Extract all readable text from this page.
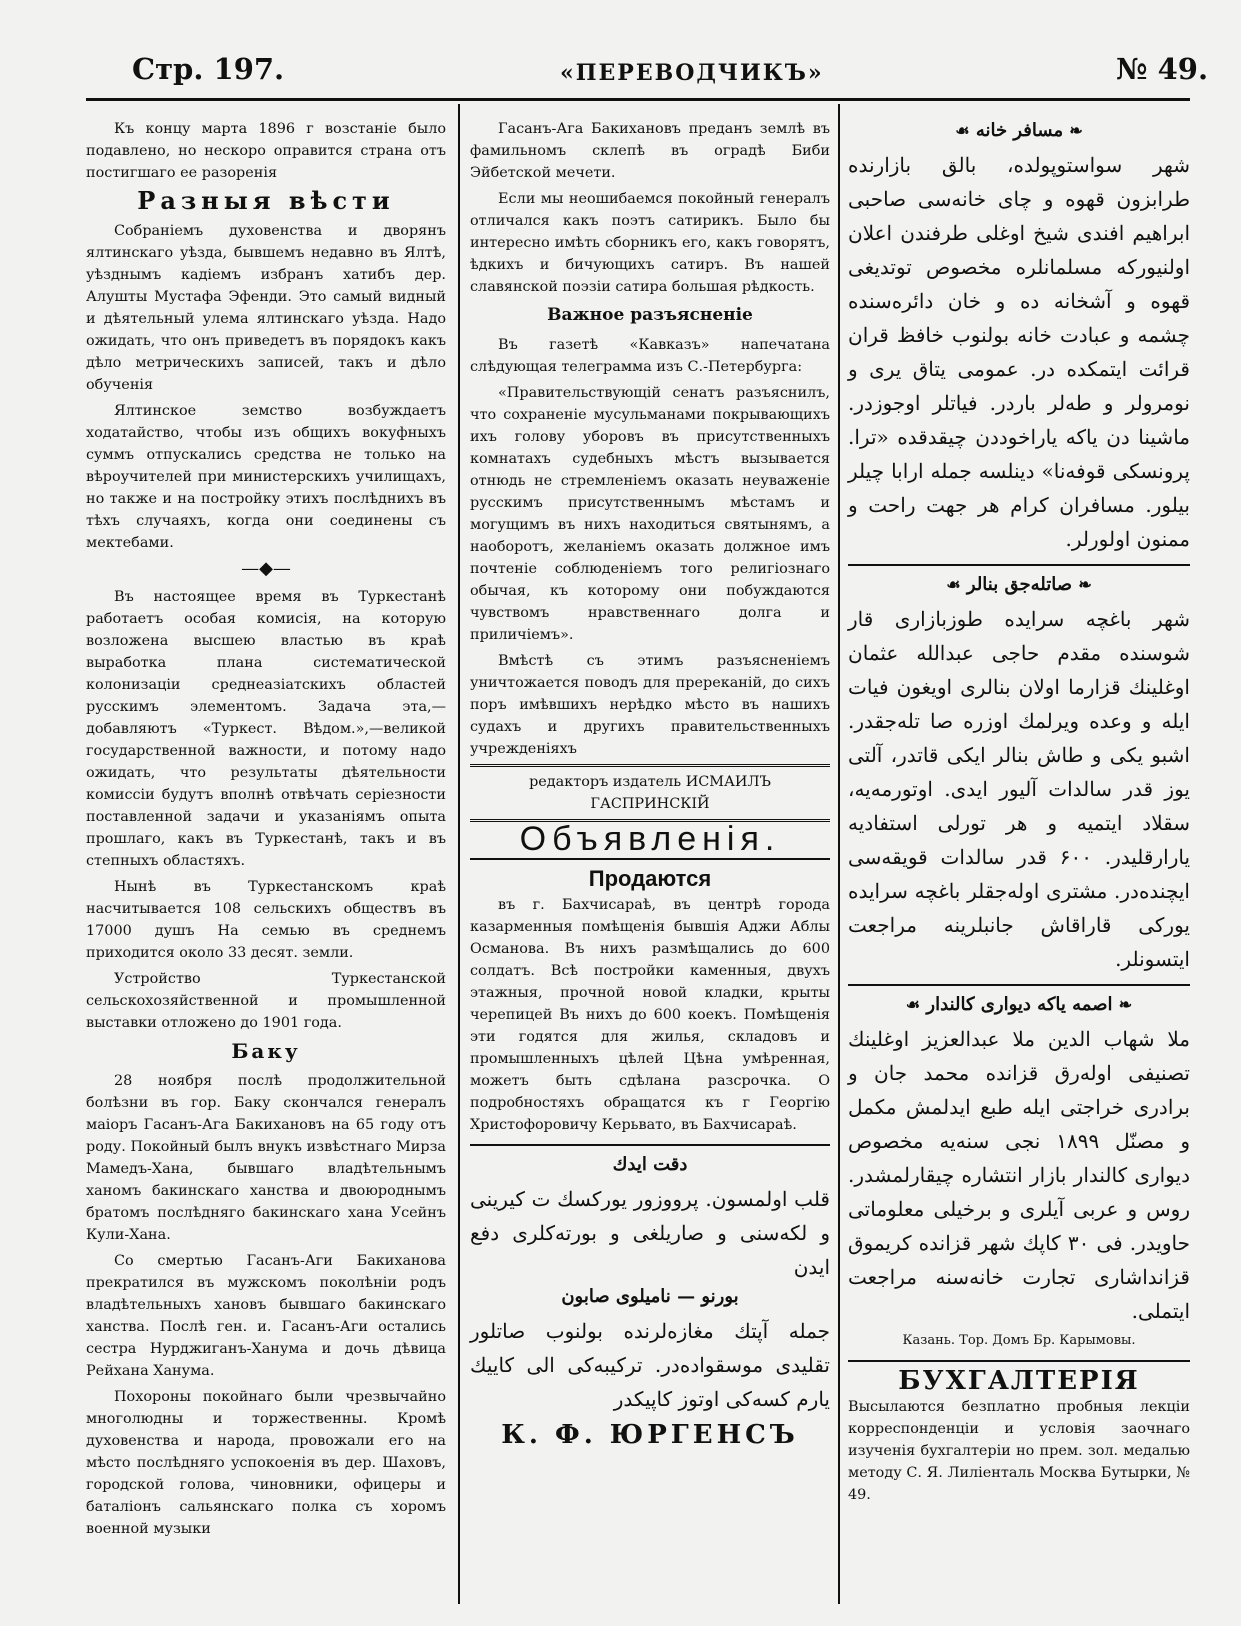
Стр. 197.	«ПЕРЕВОДЧИКЪ»	№ 49.

Къ концу марта 1896 г возстаніе было подавлено, но нескоро оправится страна отъ постигшаго ее разоренія

Разныя вѣсти

Собраніемъ духовенства и дворянъ ялтинскаго уѣзда, бывшемъ недавно въ Ялтѣ, уѣзднымъ кадіемъ избранъ хатибъ дер. Алушты Мустафа Эфенди. Это самый видный и дѣятельный улема ялтинскаго уѣзда. Надо ожидать, что онъ приведетъ въ порядокъ какъ дѣло метрическихъ записей, такъ и дѣло обученія

Ялтинское земство возбуждаетъ ходатайство, чтобы изъ общихъ вокуфныхъ суммъ отпускались средства не только на вѣроучителей при министерскихъ училищахъ, но также и на постройку этихъ послѣднихъ въ тѣхъ случаяхъ, когда они соединены съ мектебами.

—◆—

Въ настоящее время въ Туркестанѣ работаетъ особая комисія, на которую возложена высшею властью въ краѣ выработка плана систематической колонизаціи среднеазіатскихъ областей русскимъ элементомъ. Задача эта,— добавляютъ «Туркест. Вѣдом.»,—великой государственной важности, и потому надо ожидать, что результаты дѣятельности комиссіи будутъ вполнѣ отвѣчать серіезности поставленной задачи и указаніямъ опыта прошлаго, какъ въ Туркестанѣ, такъ и въ степныхъ областяхъ.

Нынѣ въ Туркестанскомъ краѣ насчитывается 108 сельскихъ обществъ въ 17000 душъ На семью въ среднемъ приходится около 33 десят. земли.

Устройство Туркестанской сельскохозяйственной и промышленной выставки отложено до 1901 года.

Баку

28 ноября послѣ продолжительной болѣзни въ гор. Баку скончался генералъ маіоръ Гасанъ-Ага Бакихановъ на 65 году отъ роду. Покойный былъ внукъ извѣстнаго Мирза Мамедъ-Хана, бывшаго владѣтельнымъ ханомъ бакинскаго ханства и двоюроднымъ братомъ послѣдняго бакинскаго хана Усейнъ Кули-Хана.

Со смертью Гасанъ-Аги Бакиханова прекратился въ мужскомъ поколѣніи родъ владѣтельныхъ хановъ бывшаго бакинскаго ханства. Послѣ ген. и. Гасанъ-Аги остались сестра Нурджиганъ-Ханума и дочь дѣвица Рейхана Ханума.

Похороны покойнаго были чрезвычайно многолюдны и торжественны. Кромѣ духовенства и народа, провожали его на мѣсто послѣдняго успокоенія въ дер. Шаховъ, городской голова, чиновники, офицеры и баталіонъ сальянскаго полка съ хоромъ военной музыки

Гасанъ-Ага Бакихановъ преданъ землѣ въ фамильномъ склепѣ въ оградѣ Биби Эйбетской мечети.

Если мы неошибаемся покойный генералъ отличался какъ поэтъ сатирикъ. Было бы интересно имѣть сборникъ его, какъ говорятъ, ѣдкихъ и бичующихъ сатиръ. Въ нашей славянской поэзіи сатира большая рѣдкость.

Важное разъясненіе

Въ газетѣ «Кавказъ» напечатана слѣдующая телеграмма изъ С.-Петербурга:

«Правительствующій сенатъ разъяснилъ, что сохраненіе мусульманами покрывающихъ ихъ голову уборовъ въ присутственныхъ комнатахъ судебныхъ мѣстъ вызывается отнюдь не стремленіемъ оказать неуваженіе русскимъ присутственнымъ мѣстамъ и могущимъ въ нихъ находиться святынямъ, а наоборотъ, желаніемъ оказать должное имъ почтеніе соблюденіемъ того религіознаго обычая, къ которому они побуждаются чувствомъ нравственнаго долга и приличіемъ».

Вмѣстѣ съ этимъ разъясненіемъ уничтожается поводъ для пререканій, до сихъ поръ имѣвшихъ нерѣдко мѣсто въ нашихъ судахъ и другихъ правительственныхъ учрежденіяхъ

редакторъ издатель ИСМАИЛЪ ГАСПРИНСКІЙ
Объявленія.
Продаются

въ г. Бахчисараѣ, въ центрѣ города казарменныя помѣщенія бывшія Аджи Аблы Османова. Въ нихъ размѣщались до 600 солдатъ. Всѣ постройки каменныя, двухъ этажныя, прочной новой кладки, крыты черепицей Въ нихъ до 600 коекъ. Помѣщенія эти годятся для жилья, складовъ и промышленныхъ цѣлей Цѣна умѣренная, можетъ быть сдѣлана разсрочка. О подробностяхъ обращатся къ г Георгію Христофоровичу Керьвато, въ Бахчисараѣ.

دقت ایدك

قلب اولمسون. پرووزور یورکسك ت کیرینی و لکه‌سنی و صاریلغی و بورته‌کلری دفع ایدن

بورنو — نامیلوی صابون

جمله آپتك مغازه‌لرنده بولنوب صاتلور تقلیدی موسقواده‌در. ترکیبه‌کی الی کاییك یارم کسه‌کی اوتوز کاپیکدر

К. Ф. ЮРГЕНСЪ
❧ مسافر خانه ☙

شهر سواستوپولده، بالق بازارنده طرابزون قهوه و چای خانه‌سی صاحبی ابراهیم افندی شیخ اوغلی طرفندن اعلان اولنیورکه مسلمانلره مخصوص توتدیغی قهوه و آشخانه ده و خان دائره‌سنده چشمه و عبادت خانه بولنوب خافظ قران قرائت ایتمکده در. عمومی یتاق یری و نومرولر و طه‌لر باردر. فیاتلر اوجوزدر. ماشینا دن یاکه یاراخوددن چیقدقده «ترا. پرونسکی قوفه‌نا» دینلسه جمله ارابا چیلر بیلور. مسافران کرام هر جهت راحت و ممنون اولورلر.

❧ صاتله‌جق بنالر ☙

شهر باغچه سرایده طوزبازاری قار شوسنده مقدم حاجی عبدالله عثمان اوغلینك قزارما اولان بنالری اویغون فیات ایله و وعده ویرلمك اوزره صا تله‌جقدر. اشبو یکی و طاش بنالر ایکی قاتدر، آلتی یوز قدر سالدات آلیور ایدی. اوتورمه‌یه، سقلاد ایتمیه و هر تورلی استفادیه یارارقلیدر. ۶۰۰ قدر سالدات قویقه‌سی ایچنده‌در. مشتری اوله‌جقلر باغچه سرایده یورکی قاراقاش جانبلرینه مراجعت ایتسونلر.

❧ اصمه یاکه دیواری کالندار ☙

ملا شهاب الدین ملا عبدالعزیز اوغلینك تصنیفی اوله‌رق قزانده محمد جان و برادری خراجتی ایله طبع ایدلمش مکمل و مصنّل ۱۸۹۹ نجی سنه‌یه مخصوص دیواری کالندار بازار انتشاره چیقارلمشدر. روس و عربی آیلری و برخیلی معلوماتی حاویدر. فی ۳۰ کاپك شهر قزانده کریموق قزانداشاری تجارت خانه‌سنه مراجعت ایتملی.

Казань. Тор. Домъ Бр. Карымовы.
БУХГАЛТЕРІЯ

Высылаются безплатно пробныя лекціи корреспонденціи и условія заочнаго изученія бухгалтеріи но прем. зол. медалью методу С. Я. Лиліенталь Москва Бутырки, № 49.
